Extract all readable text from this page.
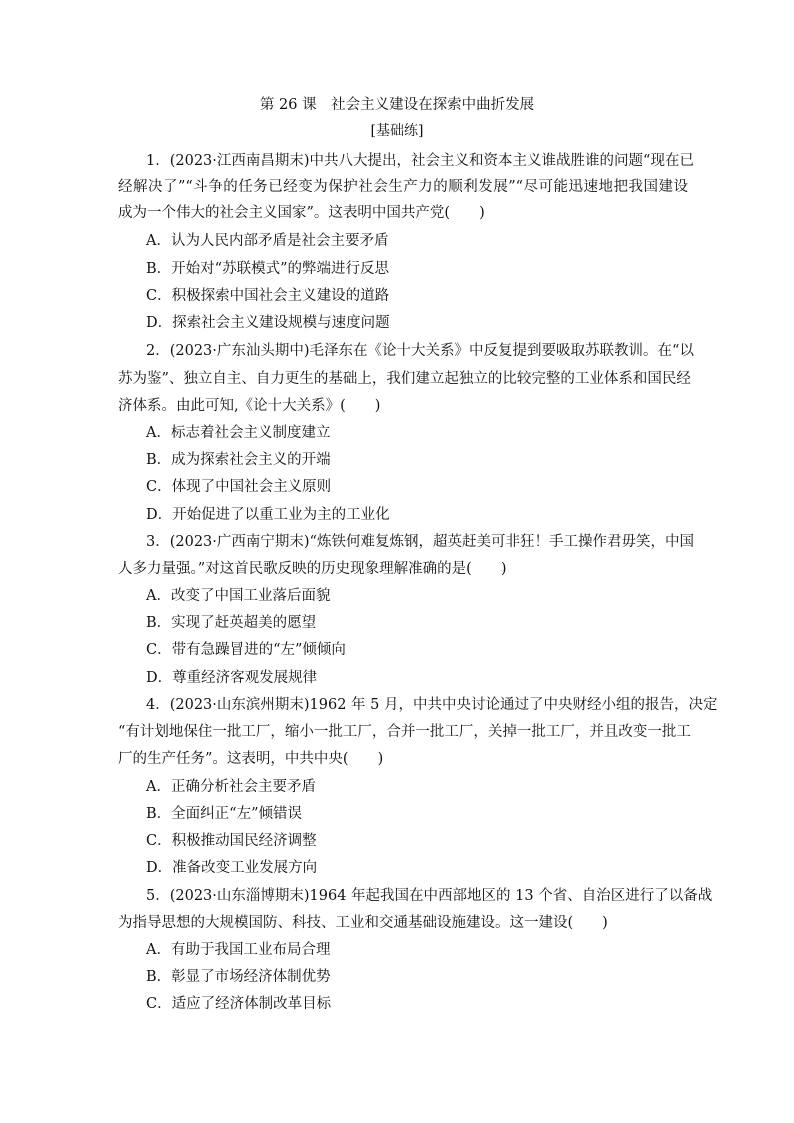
第 26 课　社会主义建设在探索中曲折发展
[基础练]
1．(2023·江西南昌期末)中共八大提出，社会主义和资本主义谁战胜谁的问题“现在已
经解决了”“斗争的任务已经变为保护社会生产力的顺利发展”“尽可能迅速地把我国建设
成为一个伟大的社会主义国家”。这表明中国共产党(　　)
A．认为人民内部矛盾是社会主要矛盾
B．开始对“苏联模式”的弊端进行反思
C．积极探索中国社会主义建设的道路
D．探索社会主义建设规模与速度问题
2．(2023·广东汕头期中)毛泽东在《论十大关系》中反复提到要吸取苏联教训。在“以
苏为鉴”、独立自主、自力更生的基础上，我们建立起独立的比较完整的工业体系和国民经
济体系。由此可知,《论十大关系》(　　)
A．标志着社会主义制度建立
B．成为探索社会主义的开端
C．体现了中国社会主义原则
D．开始促进了以重工业为主的工业化
3．(2023·广西南宁期末)“炼铁何难复炼钢，超英赶美可非狂！手工操作君毋笑，中国
人多力量强。”对这首民歌反映的历史现象理解准确的是(　　)
A．改变了中国工业落后面貌
B．实现了赶英超美的愿望
C．带有急躁冒进的“左”倾倾向
D．尊重经济客观发展规律
4．(2023·山东滨州期末)1962 年 5 月，中共中央讨论通过了中央财经小组的报告，决定
“有计划地保住一批工厂，缩小一批工厂，合并一批工厂，关掉一批工厂，并且改变一批工
厂的生产任务”。这表明，中共中央(　　)
A．正确分析社会主要矛盾
B．全面纠正“左”倾错误
C．积极推动国民经济调整
D．准备改变工业发展方向
5．(2023·山东淄博期末)1964 年起我国在中西部地区的 13 个省、自治区进行了以备战
为指导思想的大规模国防、科技、工业和交通基础设施建设。这一建设(　　)
A．有助于我国工业布局合理
B．彰显了市场经济体制优势
C．适应了经济体制改革目标
